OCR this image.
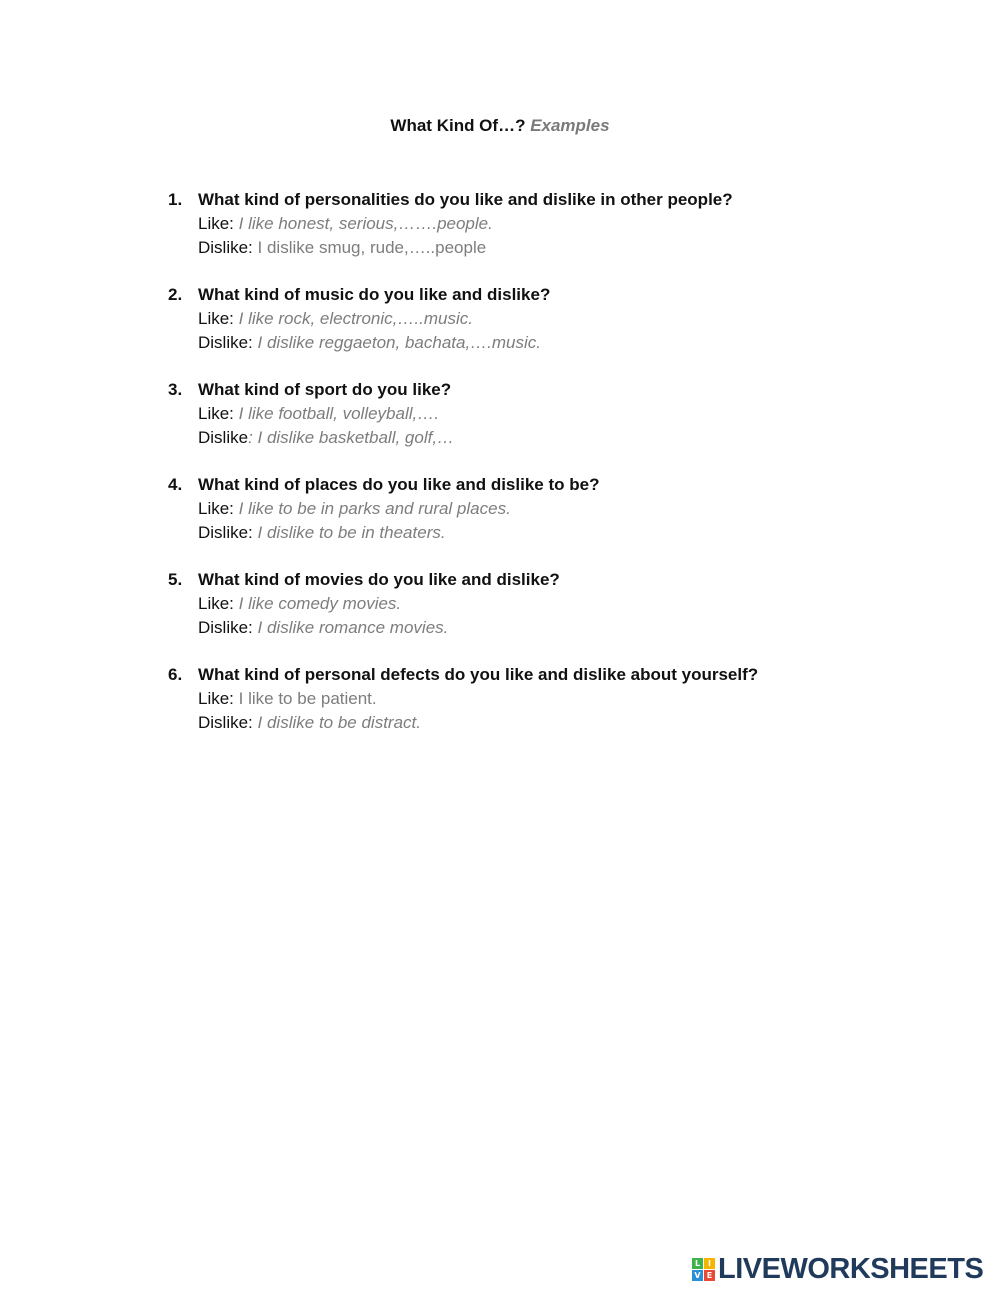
What Kind Of…? Examples
1. What kind of personalities do you like and dislike in other people?
Like: I like honest, serious,…….people.
Dislike: I dislike smug, rude,…..people
2. What kind of music do you like and dislike?
Like: I like rock, electronic,…..music.
Dislike: I dislike reggaeton, bachata,….music.
3. What kind of sport do you like?
Like: I like football, volleyball,….
Dislike: I dislike basketball, golf,…
4. What kind of places do you like and dislike to be?
Like: I like to be in parks and rural places.
Dislike: I dislike to be in theaters.
5. What kind of movies do you like and dislike?
Like: I like comedy movies.
Dislike: I dislike romance movies.
6. What kind of personal defects do you like and dislike about yourself?
Like: I like to be patient.
Dislike: I dislike to be distract.
L I
V E LIVEWORKSHEETS
